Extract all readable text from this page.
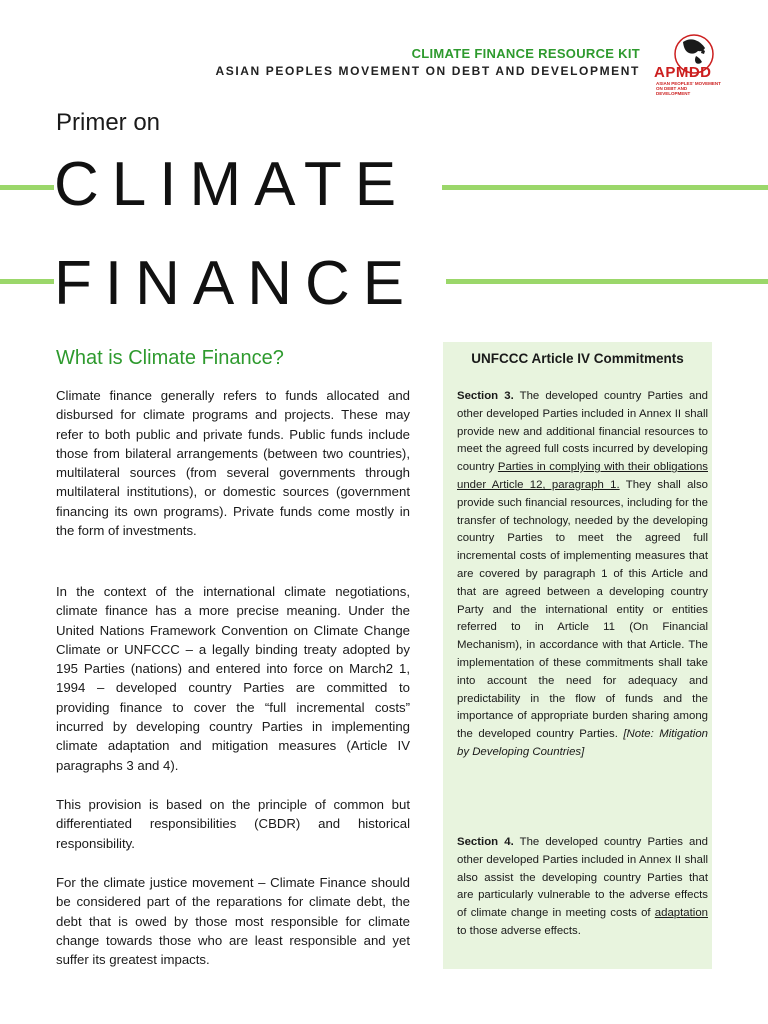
CLIMATE FINANCE RESOURCE KIT
ASIAN PEOPLES MOVEMENT ON DEBT AND DEVELOPMENT APMDD
ASIAN PEOPLES' MOVEMENT ON DEBT AND DEVELOPMENT
Primer on
CLIMATE
FINANCE
What is Climate Finance?

Climate finance generally refers to funds allocated and disbursed for climate programs and projects. These may refer to both public and private funds. Public funds include those from bilateral arrangements (between two countries), multilateral sources (from several governments through multilateral institutions), or domestic sources (government financing its own programs). Private funds come mostly in the form of investments.

In the context of the international climate negotiations, climate finance has a more precise meaning. Under the United Nations Framework Convention on Climate Change Climate or UNFCCC – a legally binding treaty adopted by 195 Parties (nations) and entered into force on March2 1, 1994 – developed country Parties are committed to providing finance to cover the “full incremental costs” incurred by developing country Parties in implementing climate adaptation and mitigation measures (Article IV paragraphs 3 and 4).

This provision is based on the principle of common but differentiated responsibilities (CBDR) and historical responsibility.

For the climate justice movement – Climate Finance should be considered part of the reparations for climate debt, the debt that is owed by those most responsible for climate change towards those who are least responsible and yet suffer its greatest impacts.

UNFCCC Article IV Commitments

Section 3. The developed country Parties and other developed Parties included in Annex II shall provide new and additional financial resources to meet the agreed full costs incurred by developing country Parties in complying with their obligations under Article 12, paragraph 1. They shall also provide such financial resources, including for the transfer of technology, needed by the developing country Parties to meet the agreed full incremental costs of implementing measures that are covered by paragraph 1 of this Article and that are agreed between a developing country Party and the international entity or entities referred to in Article 11 (On Financial Mechanism), in accordance with that Article. The implementation of these commitments shall take into account the need for adequacy and predictability in the flow of funds and the importance of appropriate burden sharing among the developed country Parties. [Note: Mitigation by Developing Countries]

Section 4. The developed country Parties and other developed Parties included in Annex II shall also assist the developing country Parties that are particularly vulnerable to the adverse effects of climate change in meeting costs of adaptation to those adverse effects.
